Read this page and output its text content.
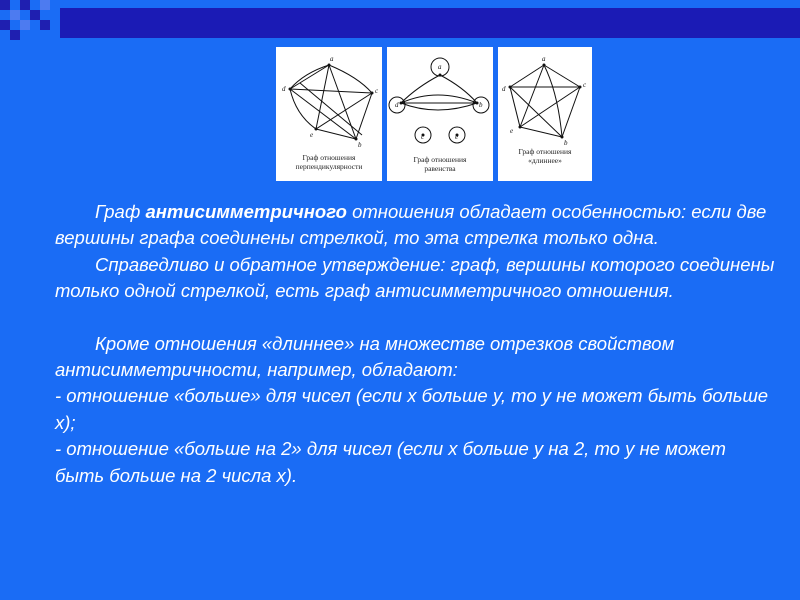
a
c
b
e
d
Граф отношения
перпендикулярности
a
b
d
c	e
Граф отношения
равенства
a
c
b
e
d
Граф отношения
«длиннее»

Граф антисимметричного отношения обладает особенностью: если две вершины графа соединены стрелкой, то эта стрелка только одна.

Справедливо и обратное утверждение: граф, вершины которого соединены только одной стрелкой, есть граф антисимметричного отношения.

Кроме отношения «длиннее» на множестве отрезков свойством антисимметричности, например, обладают:

- отношение «больше» для чисел (если х больше у, то у не может быть больше х);

- отношение «больше на 2» для чисел (если х больше у на 2, то у не может быть больше на 2 числа х).
